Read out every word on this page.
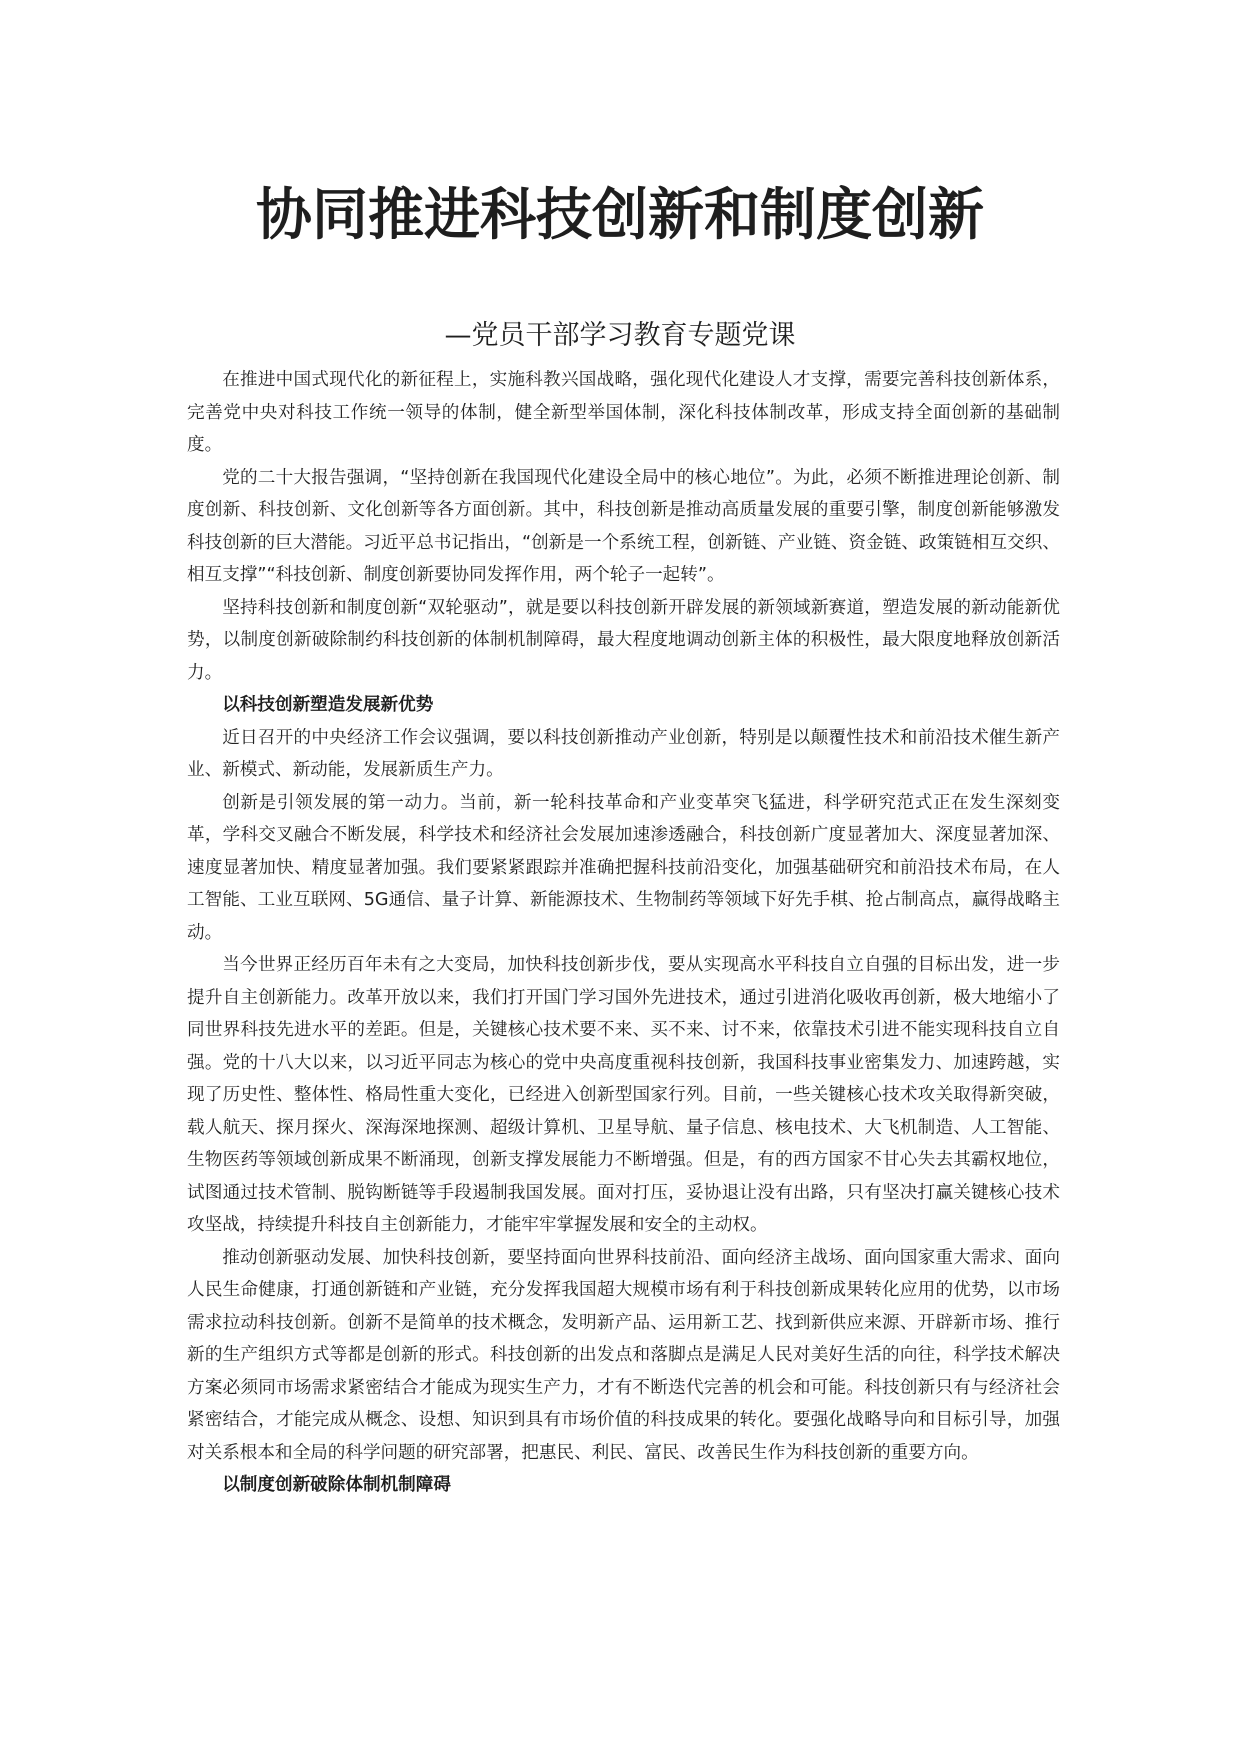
协同推进科技创新和制度创新
—党员干部学习教育专题党课

在推进中国式现代化的新征程上，实施科教兴国战略，强化现代化建设人才支撑，需要完善科技创新体系，完善党中央对科技工作统一领导的体制，健全新型举国体制，深化科技体制改革，形成支持全面创新的基础制度。

党的二十大报告强调，“坚持创新在我国现代化建设全局中的核心地位”。为此，必须不断推进理论创新、制度创新、科技创新、文化创新等各方面创新。其中，科技创新是推动高质量发展的重要引擎，制度创新能够激发科技创新的巨大潜能。习近平总书记指出，“创新是一个系统工程，创新链、产业链、资金链、政策链相互交织、相互支撑”“科技创新、制度创新要协同发挥作用，两个轮子一起转”。

坚持科技创新和制度创新“双轮驱动”，就是要以科技创新开辟发展的新领域新赛道，塑造发展的新动能新优势，以制度创新破除制约科技创新的体制机制障碍，最大程度地调动创新主体的积极性，最大限度地释放创新活力。

以科技创新塑造发展新优势

近日召开的中央经济工作会议强调，要以科技创新推动产业创新，特别是以颠覆性技术和前沿技术催生新产业、新模式、新动能，发展新质生产力。

创新是引领发展的第一动力。当前，新一轮科技革命和产业变革突飞猛进，科学研究范式正在发生深刻变革，学科交叉融合不断发展，科学技术和经济社会发展加速渗透融合，科技创新广度显著加大、深度显著加深、速度显著加快、精度显著加强。我们要紧紧跟踪并准确把握科技前沿变化，加强基础研究和前沿技术布局，在人工智能、工业互联网、5G通信、量子计算、新能源技术、生物制药等领域下好先手棋、抢占制高点，赢得战略主动。

当今世界正经历百年未有之大变局，加快科技创新步伐，要从实现高水平科技自立自强的目标出发，进一步提升自主创新能力。改革开放以来，我们打开国门学习国外先进技术，通过引进消化吸收再创新，极大地缩小了同世界科技先进水平的差距。但是，关键核心技术要不来、买不来、讨不来，依靠技术引进不能实现科技自立自强。党的十八大以来，以习近平同志为核心的党中央高度重视科技创新，我国科技事业密集发力、加速跨越，实现了历史性、整体性、格局性重大变化，已经进入创新型国家行列。目前，一些关键核心技术攻关取得新突破，载人航天、探月探火、深海深地探测、超级计算机、卫星导航、量子信息、核电技术、大飞机制造、人工智能、生物医药等领域创新成果不断涌现，创新支撑发展能力不断增强。但是，有的西方国家不甘心失去其霸权地位，试图通过技术管制、脱钩断链等手段遏制我国发展。面对打压，妥协退让没有出路，只有坚决打赢关键核心技术攻坚战，持续提升科技自主创新能力，才能牢牢掌握发展和安全的主动权。

推动创新驱动发展、加快科技创新，要坚持面向世界科技前沿、面向经济主战场、面向国家重大需求、面向人民生命健康，打通创新链和产业链，充分发挥我国超大规模市场有利于科技创新成果转化应用的优势，以市场需求拉动科技创新。创新不是简单的技术概念，发明新产品、运用新工艺、找到新供应来源、开辟新市场、推行新的生产组织方式等都是创新的形式。科技创新的出发点和落脚点是满足人民对美好生活的向往，科学技术解决方案必须同市场需求紧密结合才能成为现实生产力，才有不断迭代完善的机会和可能。科技创新只有与经济社会紧密结合，才能完成从概念、设想、知识到具有市场价值的科技成果的转化。要强化战略导向和目标引导，加强对关系根本和全局的科学问题的研究部署，把惠民、利民、富民、改善民生作为科技创新的重要方向。

以制度创新破除体制机制障碍
